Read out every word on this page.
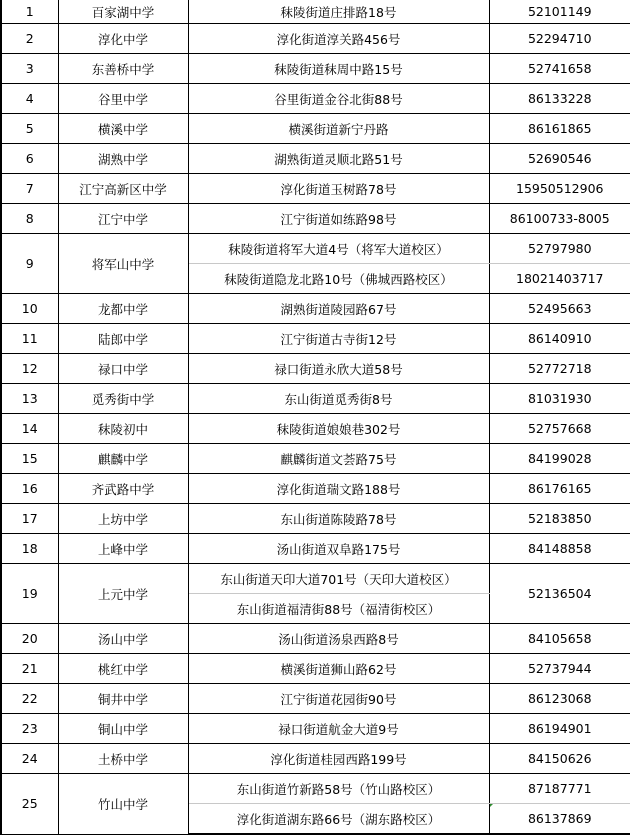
1	百家湖中学	秣陵街道庄排路18号	52101149
2	淳化中学	淳化街道淳关路456号	52294710
3	东善桥中学	秣陵街道秣周中路15号	52741658
4	谷里中学	谷里街道金谷北街88号	86133228
5	横溪中学	横溪街道新宁丹路	86161865
6	湖熟中学	湖熟街道灵顺北路51号	52690546
7	江宁高新区中学	淳化街道玉树路78号	15950512906
8	江宁中学	江宁街道如练路98号	86100733-8005
9	将军山中学	秣陵街道将军大道4号（将军大道校区）	52797980
		秣陵街道隐龙北路10号（佛城西路校区）	18021403717
10	龙都中学	湖熟街道陵园路67号	52495663
11	陆郎中学	江宁街道古寺街12号	86140910
12	禄口中学	禄口街道永欣大道58号	52772718
13	觅秀街中学	东山街道觅秀街8号	81031930
14	秣陵初中	秣陵街道娘娘巷302号	52757668
15	麒麟中学	麒麟街道文荟路75号	84199028
16	齐武路中学	淳化街道瑞文路188号	86176165
17	上坊中学	东山街道陈陵路78号	52183850
18	上峰中学	汤山街道双阜路175号	84148858
19	上元中学	东山街道天印大道701号（天印大道校区）	52136504
		东山街道福清街88号（福清街校区）	
20	汤山中学	汤山街道汤泉西路8号	84105658
21	桃红中学	横溪街道狮山路62号	52737944
22	铜井中学	江宁街道花园街90号	86123068
23	铜山中学	禄口街道航金大道9号	86194901
24	土桥中学	淳化街道桂园西路199号	84150626
25	竹山中学	东山街道竹新路58号（竹山路校区）	87187771
		淳化街道湖东路66号（湖东路校区）	86137869
